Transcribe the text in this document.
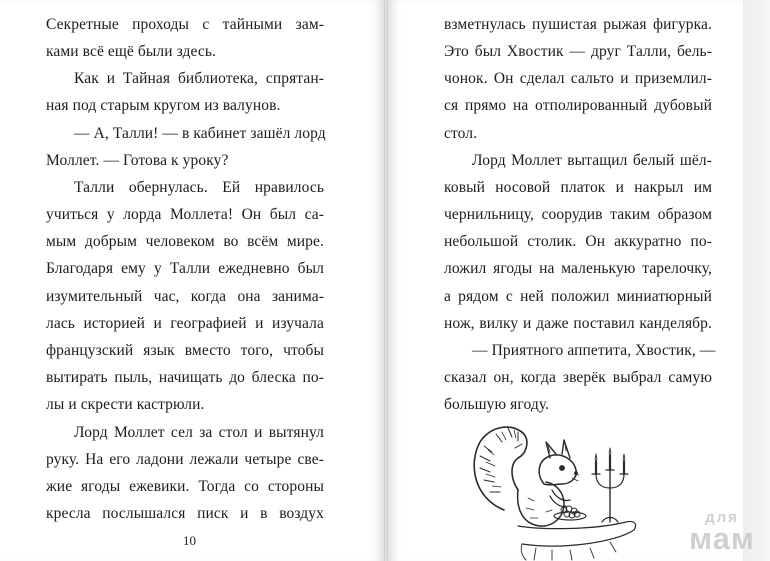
Секретные проходы с тайными зам-

ками всё ещё были здесь.

Как и Тайная библиотека, спрятан-

ная под старым кругом из валунов.

— А, Талли! — в кабинет зашёл лорд

Моллет. — Готова к уроку?

Талли обернулась. Ей нравилось

учиться у лорда Моллета! Он был са-

мым добрым человеком во всём мире.

Благодаря ему у Талли ежедневно был

изумительный час, когда она занима-

лась историей и географией и изучала

французский язык вместо того, чтобы

вытирать пыль, начищать до блеска по-

лы и скрести кастрюли.

Лорд Моллет сел за стол и вытянул

руку. На его ладони лежали четыре све-

жие ягоды ежевики. Тогда со стороны

кресла послышался писк и в воздух

10

взметнулась пушистая рыжая фигурка.

Это был Хвостик — друг Талли, бель-

чонок. Он сделал сальто и приземлил-

ся прямо на отполированный дубовый

стол.

Лорд Моллет вытащил белый шёл-

ковый носовой платок и накрыл им

чернильницу, соорудив таким образом

небольшой столик. Он аккуратно по-

ложил ягоды на маленькую тарелочку,

а рядом с ней положил миниатюрный

нож, вилку и даже поставил канделябр.

— Приятного аппетита, Хвостик, —

сказал он, когда зверёк выбрал самую

большую ягоду.

для
мам
